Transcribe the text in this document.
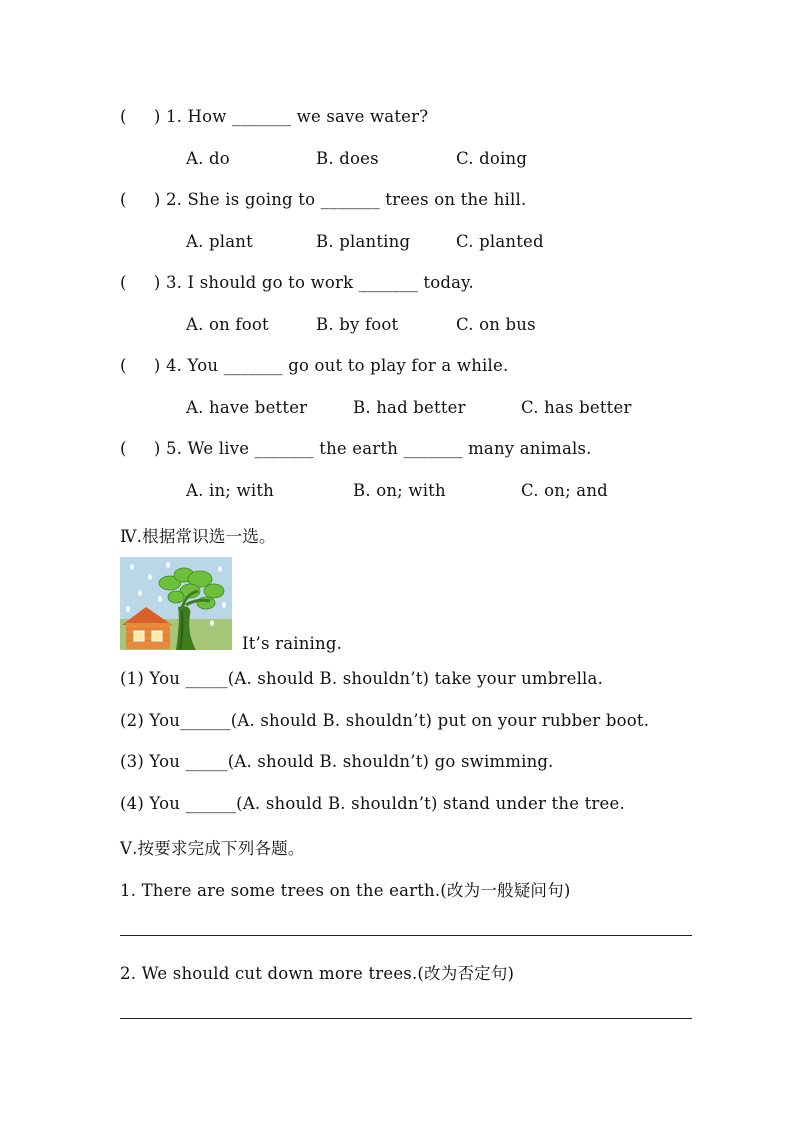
(     ) 1. How _______ we save water?
A. do	B. does	C. doing
(     ) 2. She is going to _______ trees on the hill.
A. plant	B. planting	C. planted
(     ) 3. I should go to work _______ today.
A. on foot	B. by foot	C. on bus
(     ) 4. You _______ go out to play for a while.
A. have better	B. had better	C. has better
(     ) 5. We live _______ the earth _______ many animals.
A. in; with	B. on; with	C. on; and
Ⅳ.根据常识选一选。
It’s raining.
(1) You _____(A. should B. shouldn’t) take your umbrella.
(2) You______(A. should B. shouldn’t) put on your rubber boot.
(3) You _____(A. should B. shouldn’t) go swimming.
(4) You ______(A. should B. shouldn’t) stand under the tree.
Ⅴ.按要求完成下列各题。
1. There are some trees on the earth.(改为一般疑问句)
2. We should cut down more trees.(改为否定句)
